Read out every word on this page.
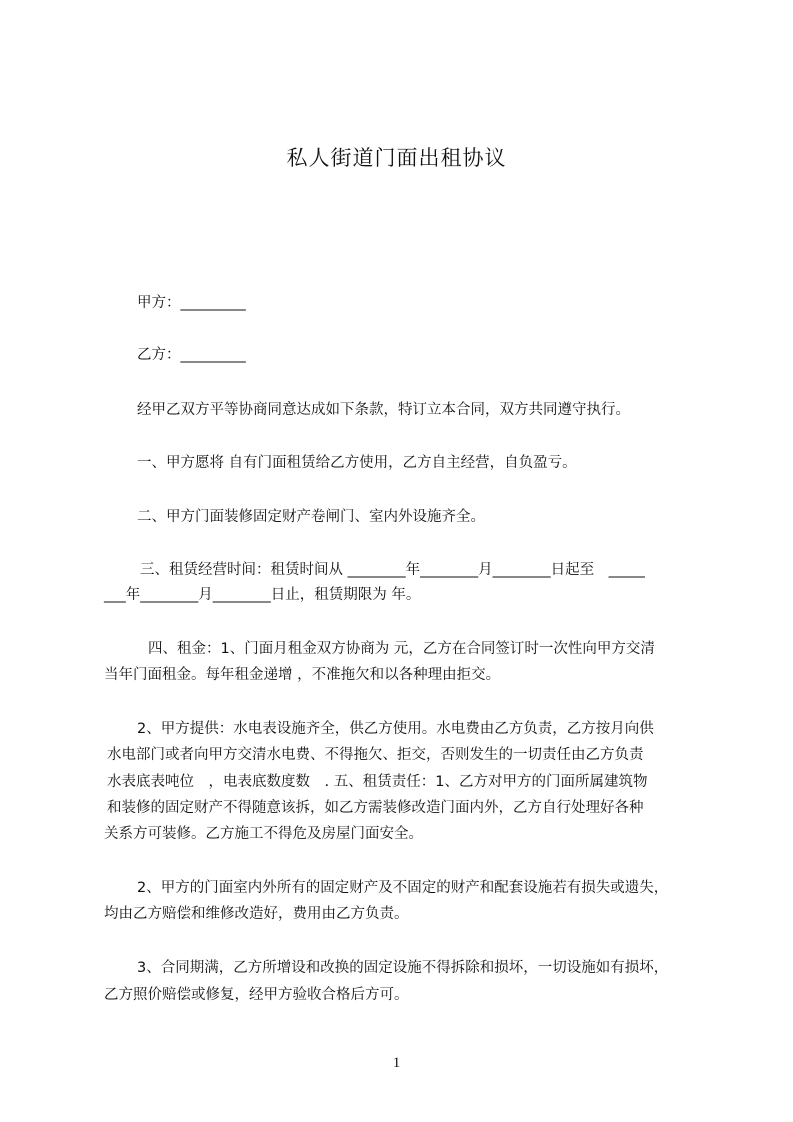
私人街道门面出租协议
甲方：_________
乙方：_________
经甲乙双方平等协商同意达成如下条款，特订立本合同，双方共同遵守执行。
一、甲方愿将 自有门面租赁给乙方使用，乙方自主经营，自负盈亏。
二、甲方门面装修固定财产卷闸门、室内外设施齐全。
三、租赁经营时间：租赁时间从 ________年________月________日起至　_____
___年________月________日止，租赁期限为 年。
四、租金：1、门面月租金双方协商为 元，乙方在合同签订时一次性向甲方交清
当年门面租金。每年租金递增 ，不准拖欠和以各种理由拒交。
2、甲方提供：水电表设施齐全，供乙方使用。水电费由乙方负责，乙方按月向供
水电部门或者向甲方交清水电费、不得拖欠、拒交，否则发生的一切责任由乙方负责
水表底表吨位　，电表底数度数　. 五、租赁责任：1、乙方对甲方的门面所属建筑物
和装修的固定财产不得随意该拆，如乙方需装修改造门面内外，乙方自行处理好各种
关系方可装修。乙方施工不得危及房屋门面安全。
2、甲方的门面室内外所有的固定财产及不固定的财产和配套设施若有损失或遗失，
均由乙方赔偿和维修改造好，费用由乙方负责。
3、合同期满，乙方所增设和改换的固定设施不得拆除和损坏，一切设施如有损坏，
乙方照价赔偿或修复，经甲方验收合格后方可。
1
